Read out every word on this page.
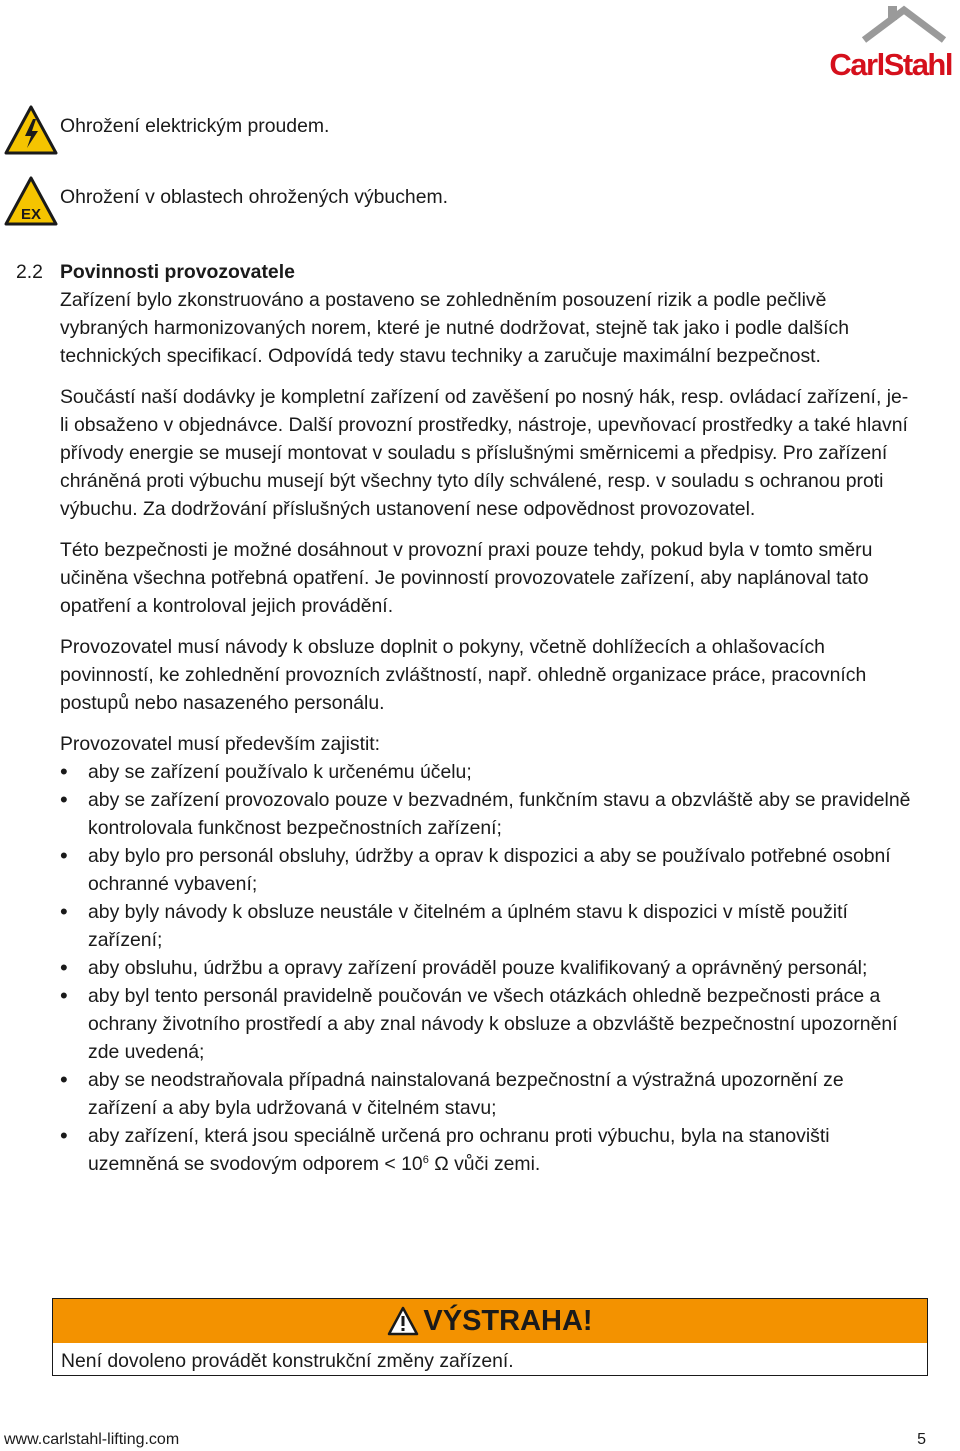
CarlStahl
Ohrožení elektrickým proudem.
EX
Ohrožení v oblastech ohrožených výbuchem.
2.2 Povinnosti provozovatele

Zařízení bylo zkonstruováno a postaveno se zohledněním posouzení rizik a podle pečlivě vybraných harmonizovaných norem, které je nutné dodržovat, stejně tak jako i podle dalších technických specifikací. Odpovídá tedy stavu techniky a zaručuje maximální bezpečnost.

Součástí naší dodávky je kompletní zařízení od zavěšení po nosný hák, resp. ovládací zařízení, je-li obsaženo v objednávce. Další provozní prostředky, nástroje, upevňovací prostředky a také hlavní přívody energie se musejí montovat v souladu s příslušnými směrnicemi a předpisy. Pro zařízení chráněná proti výbuchu musejí být všechny tyto díly schválené, resp. v souladu s ochranou proti výbuchu. Za dodržování příslušných ustanovení nese odpovědnost provozovatel.

Této bezpečnosti je možné dosáhnout v provozní praxi pouze tehdy, pokud byla v tomto směru učiněna všechna potřebná opatření. Je povinností provozovatele zařízení, aby naplánoval tato opatření a kontroloval jejich provádění.

Provozovatel musí návody k obsluze doplnit o pokyny, včetně dohlížecích a ohlašovacích povinností, ke zohlednění provozních zvláštností, např. ohledně organizace práce, pracovních postupů nebo nasazeného personálu.

Provozovatel musí především zajistit:
• aby se zařízení používalo k určenému účelu;
• aby se zařízení provozovalo pouze v bezvadném, funkčním stavu a obzvláště aby se pravidelně kontrolovala funkčnost bezpečnostních zařízení;
• aby bylo pro personál obsluhy, údržby a oprav k dispozici a aby se používalo potřebné osobní ochranné vybavení;
• aby byly návody k obsluze neustále v čitelném a úplném stavu k dispozici v místě použití zařízení;
• aby obsluhu, údržbu a opravy zařízení prováděl pouze kvalifikovaný a oprávněný personál;
• aby byl tento personál pravidelně poučován ve všech otázkách ohledně bezpečnosti práce a ochrany životního prostředí a aby znal návody k obsluze a obzvláště bezpečnostní upozornění zde uvedená;
• aby se neodstraňovala případná nainstalovaná bezpečnostní a výstražná upozornění ze zařízení a aby byla udržovaná v čitelném stavu;
• aby zařízení, která jsou speciálně určená pro ochranu proti výbuchu, byla na stanovišti uzemněná se svodovým odporem < $10^6$ Ω vůči zemi.
VÝSTRAHA!
Není dovoleno provádět konstrukční změny zařízení.
www.carlstahl-lifting.com	5
